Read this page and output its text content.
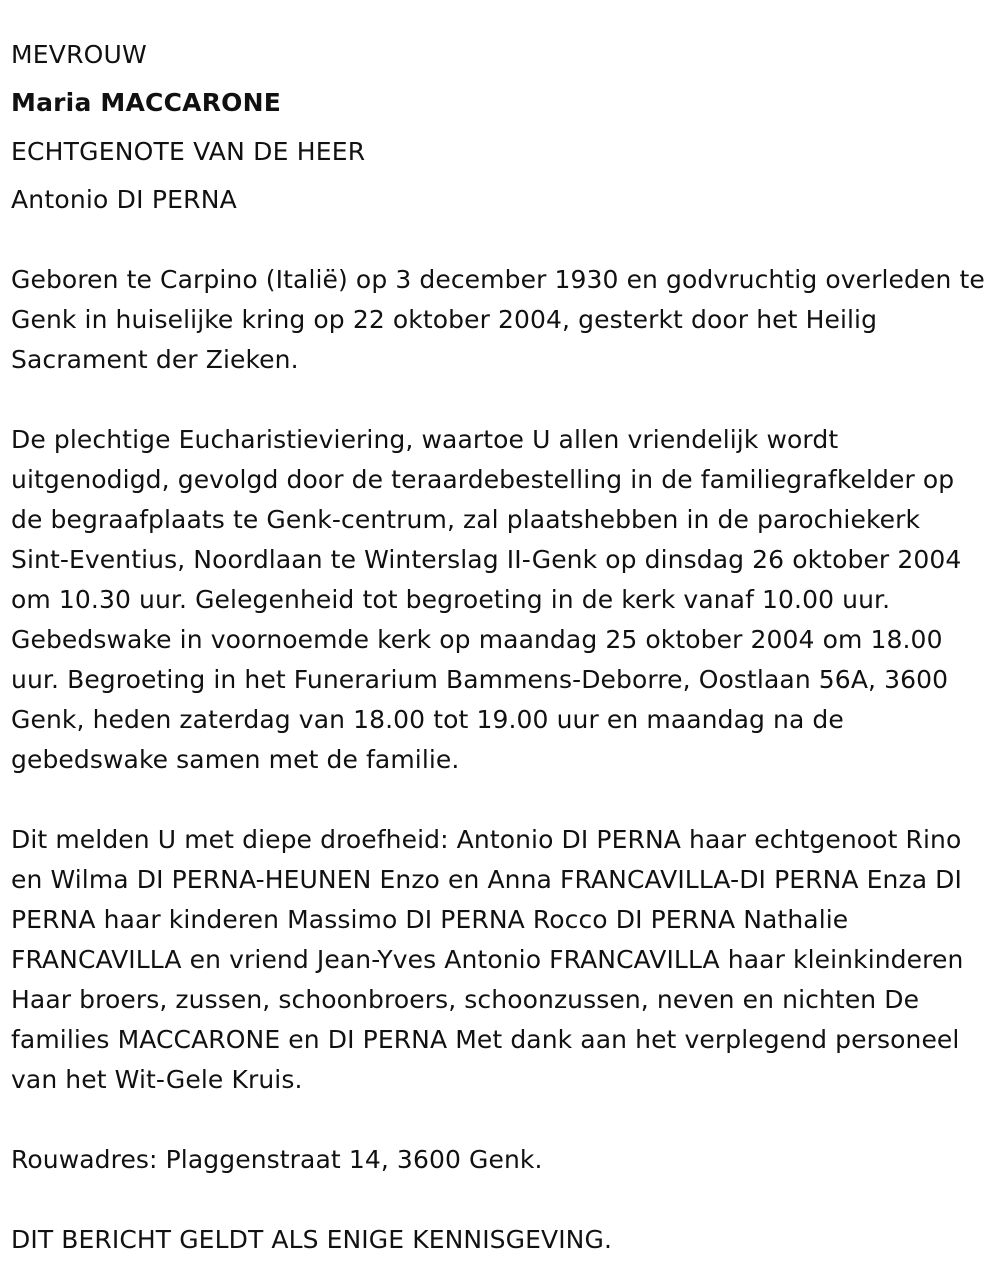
MEVROUW
Maria MACCARONE
ECHTGENOTE VAN DE HEER
Antonio DI PERNA

Geboren te Carpino (Italië) op 3 december 1930 en godvruchtig overleden te Genk in huiselijke kring op 22 oktober 2004, gesterkt door het Heilig Sacrament der Zieken.

De plechtige Eucharistieviering, waartoe U allen vriendelijk wordt uitgenodigd, gevolgd door de teraardebestelling in de familiegrafkelder op de begraafplaats te Genk-centrum, zal plaatshebben in de parochiekerk Sint-Eventius, Noordlaan te Winterslag II-Genk op dinsdag 26 oktober 2004 om 10.30 uur. Gelegenheid tot begroeting in de kerk vanaf 10.00 uur. Gebedswake in voornoemde kerk op maandag 25 oktober 2004 om 18.00 uur. Begroeting in het Funerarium Bammens-Deborre, Oostlaan 56A, 3600 Genk, heden zaterdag van 18.00 tot 19.00 uur en maandag na de gebedswake samen met de familie.

Dit melden U met diepe droefheid: Antonio DI PERNA haar echtgenoot Rino en Wilma DI PERNA-HEUNEN Enzo en Anna FRANCAVILLA-DI PERNA Enza DI PERNA haar kinderen Massimo DI PERNA Rocco DI PERNA Nathalie FRANCAVILLA en vriend Jean-Yves Antonio FRANCAVILLA haar kleinkinderen Haar broers, zussen, schoonbroers, schoonzussen, neven en nichten De families MACCARONE en DI PERNA Met dank aan het verplegend personeel van het Wit-Gele Kruis.

Rouwadres: Plaggenstraat 14, 3600 Genk.

DIT BERICHT GELDT ALS ENIGE KENNISGEVING.
